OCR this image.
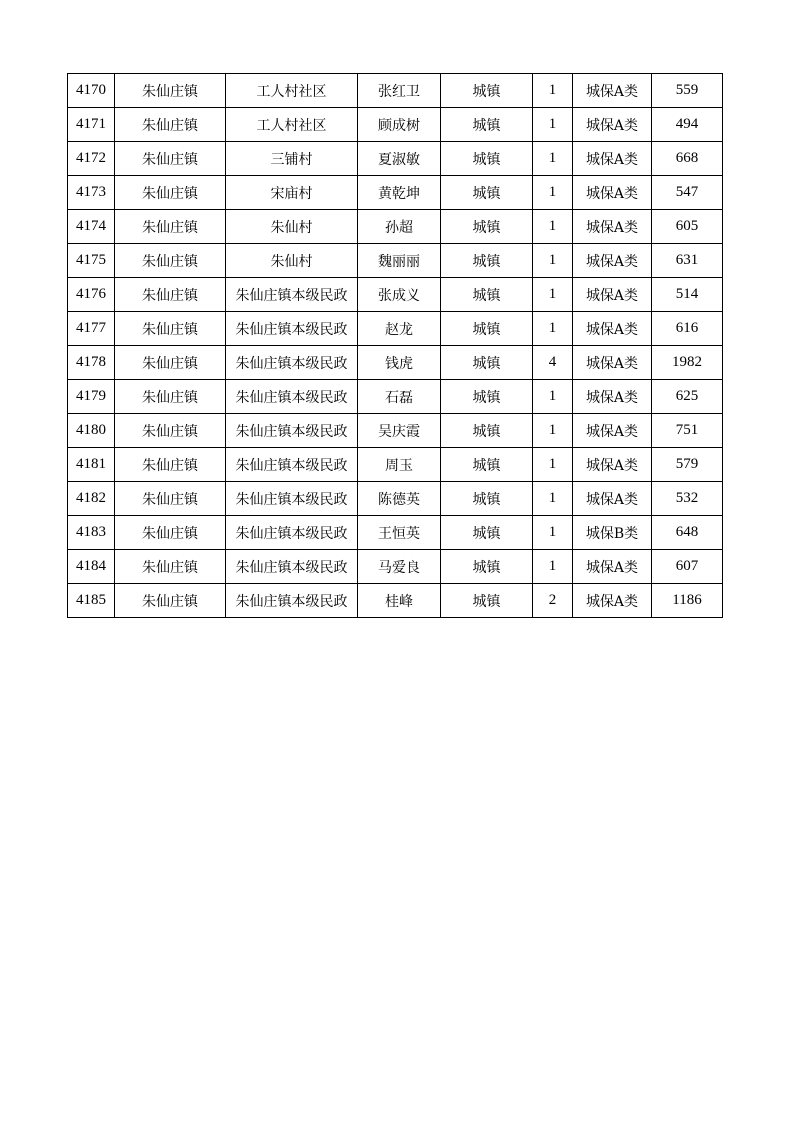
4170	朱仙庄镇	工人村社区	张红卫	城镇	1	城保A类	559
4171	朱仙庄镇	工人村社区	顾成树	城镇	1	城保A类	494
4172	朱仙庄镇	三铺村	夏淑敏	城镇	1	城保A类	668
4173	朱仙庄镇	宋庙村	黄乾坤	城镇	1	城保A类	547
4174	朱仙庄镇	朱仙村	孙超	城镇	1	城保A类	605
4175	朱仙庄镇	朱仙村	魏丽丽	城镇	1	城保A类	631
4176	朱仙庄镇	朱仙庄镇本级民政	张成义	城镇	1	城保A类	514
4177	朱仙庄镇	朱仙庄镇本级民政	赵龙	城镇	1	城保A类	616
4178	朱仙庄镇	朱仙庄镇本级民政	钱虎	城镇	4	城保A类	1982
4179	朱仙庄镇	朱仙庄镇本级民政	石磊	城镇	1	城保A类	625
4180	朱仙庄镇	朱仙庄镇本级民政	吴庆霞	城镇	1	城保A类	751
4181	朱仙庄镇	朱仙庄镇本级民政	周玉	城镇	1	城保A类	579
4182	朱仙庄镇	朱仙庄镇本级民政	陈德英	城镇	1	城保A类	532
4183	朱仙庄镇	朱仙庄镇本级民政	王恒英	城镇	1	城保B类	648
4184	朱仙庄镇	朱仙庄镇本级民政	马爱良	城镇	1	城保A类	607
4185	朱仙庄镇	朱仙庄镇本级民政	桂峰	城镇	2	城保A类	1186
